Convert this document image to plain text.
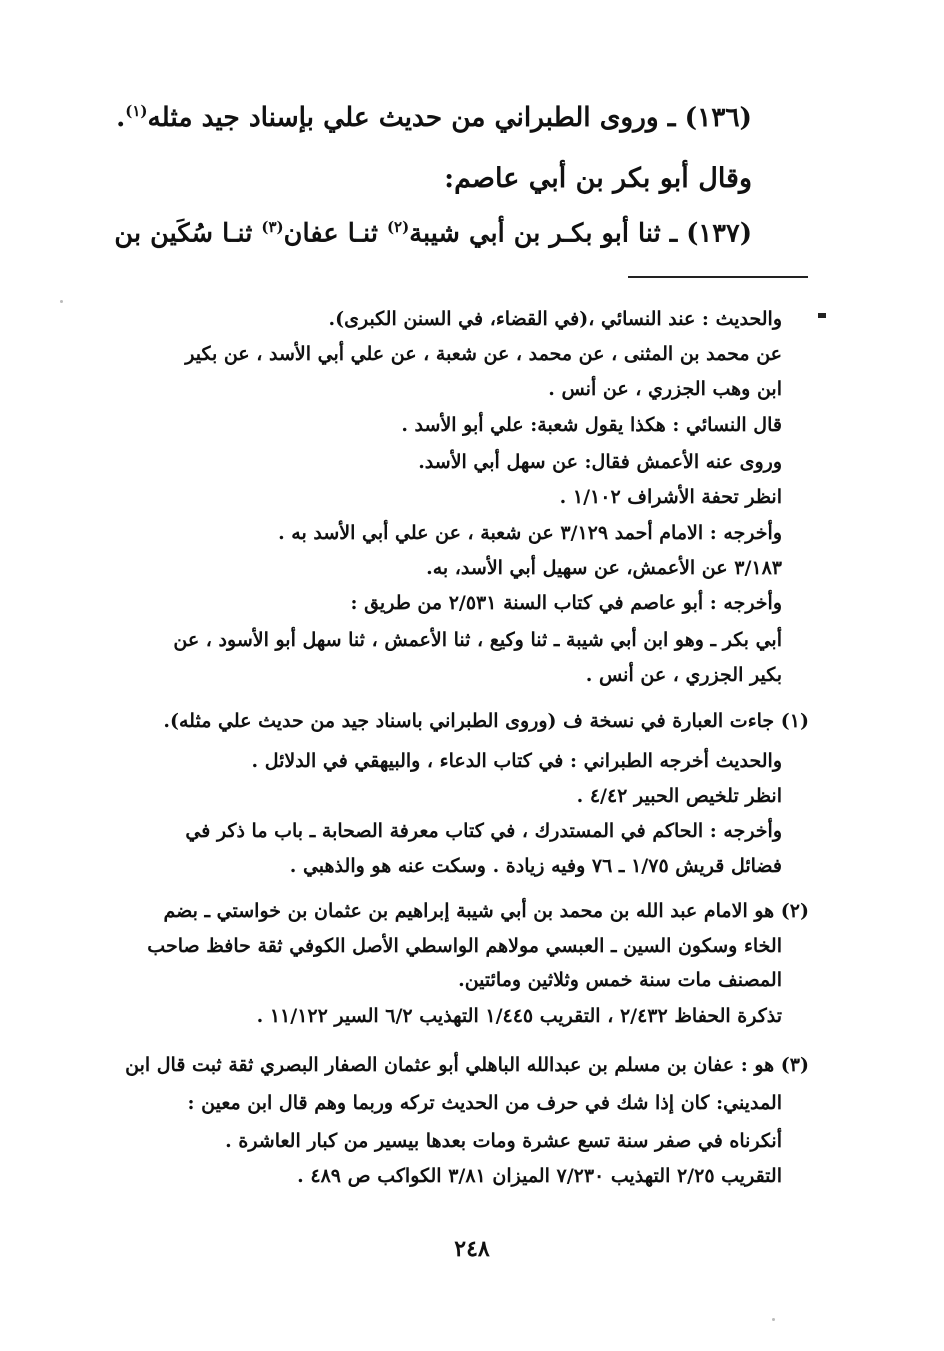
(١٣٦) ـ وروى الطبراني من حديث علي بإسناد جيد مثله$^{(١)}$.
وقال أبو بكر بن أبي عاصم:
(١٣٧) ـ ثنا أبو بكـر بن أبي شيبة$^{(٢)}$ ثنـا عفان$^{(٣)}$ ثنـا سُكَين بن
والحديث : عند النسائي ،(في القضاء، في السنن الكبرى).
عن محمد بن المثنى ، عن محمد ، عن شعبة ، عن علي أبي الأسد ، عن بكير
ابن وهب الجزري ، عن أنس .
قال النسائي : هكذا يقول شعبة: علي أبو الأسد .
وروى عنه الأعمش فقال: عن سهل أبي الأسد.
انظر تحفة الأشراف ١/١٠٢ .
وأخرجه : الامام أحمد ٣/١٢٩ عن شعبة ، عن علي أبي الأسد به .
٣/١٨٣ عن الأعمش، عن سهيل أبي الأسد، به.
وأخرجه : أبو عاصم في كتاب السنة ٢/٥٣١ من طريق :
أبي بكر ـ وهو ابن أبي شيبة ـ ثنا وكيع ، ثنا الأعمش ، ثنا سهل أبو الأسود ، عن
بكير الجزري ، عن أنس .
(١) جاءت العبارة في نسخة ف (وروى الطبراني باسناد جيد من حديث علي مثله).
والحديث أخرجه الطبراني : في كتاب الدعاء ، والبيهقي في الدلائل .
انظر تلخيص الحبير ٤/٤٢ .
وأخرجه : الحاكم في المستدرك ، في كتاب معرفة الصحابة ـ باب ما ذكر في
فضائل قريش ١/٧٥ ـ ٧٦ وفيه زيادة . وسكت عنه هو والذهبي .
(٢) هو الامام عبد الله بن محمد بن أبي شيبة إبراهيم بن عثمان بن خواستي ـ بضم
الخاء وسكون السين ـ العبسي مولاهم الواسطي الأصل الكوفي ثقة حافظ صاحب
المصنف مات سنة خمس وثلاثين ومائتين.
تذكرة الحفاظ ٢/٤٣٢ ، التقريب ١/٤٤٥ التهذيب ٦/٢ السير ١١/١٢٢ .
(٣) هو : عفان بن مسلم بن عبدالله الباهلي أبو عثمان الصفار البصري ثقة ثبت قال ابن
المديني: كان إذا شك في حرف من الحديث تركه وربما وهم قال ابن معين :
أنكرناه في صفر سنة تسع عشرة ومات بعدها بيسير من كبار العاشرة .
التقريب ٢/٢٥ التهذيب ٧/٢٣٠ الميزان ٣/٨١ الكواكب ص ٤٨٩ .
٢٤٨
